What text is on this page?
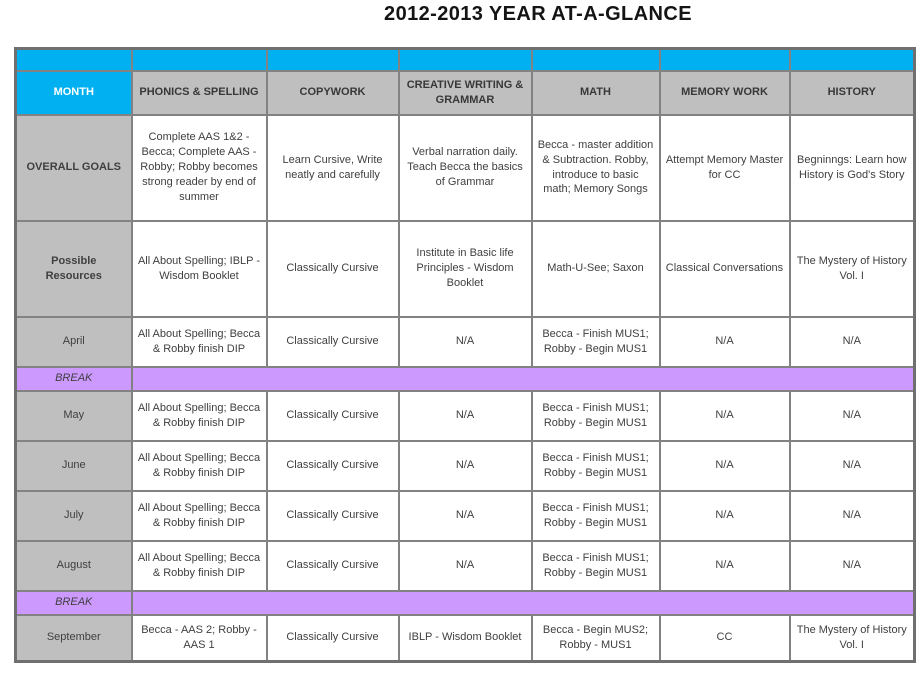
2012-2013 YEAR AT-A-GLANCE

MONTH	PHONICS & SPELLING	COPYWORK	CREATIVE WRITING & GRAMMAR	MATH	MEMORY WORK	HISTORY
OVERALL GOALS	Complete AAS 1&2 - Becca; Complete AAS - Robby; Robby becomes strong reader by end of summer	Learn Cursive, Write neatly and carefully	Verbal narration daily. Teach Becca the basics of Grammar	Becca - master addition & Subtraction. Robby, introduce to basic math; Memory Songs	Attempt Memory Master for CC	Begninngs: Learn how History is God's Story
Possible Resources	All About Spelling; IBLP - Wisdom Booklet	Classically Cursive	Institute in Basic life Principles - Wisdom Booklet	Math-U-See; Saxon	Classical Conversations	The Mystery of History Vol. I
April	All About Spelling; Becca & Robby finish DIP	Classically Cursive	N/A	Becca - Finish MUS1; Robby - Begin MUS1	N/A	N/A
BREAK						
May	All About Spelling; Becca & Robby finish DIP	Classically Cursive	N/A	Becca - Finish MUS1; Robby - Begin MUS1	N/A	N/A
June	All About Spelling; Becca & Robby finish DIP	Classically Cursive	N/A	Becca - Finish MUS1; Robby - Begin MUS1	N/A	N/A
July	All About Spelling; Becca & Robby finish DIP	Classically Cursive	N/A	Becca - Finish MUS1; Robby - Begin MUS1	N/A	N/A
August	All About Spelling; Becca & Robby finish DIP	Classically Cursive	N/A	Becca - Finish MUS1; Robby - Begin MUS1	N/A	N/A
BREAK						
September	Becca - AAS 2; Robby - AAS 1	Classically Cursive	IBLP - Wisdom Booklet	Becca - Begin MUS2; Robby - MUS1	CC	The Mystery of History Vol. I
